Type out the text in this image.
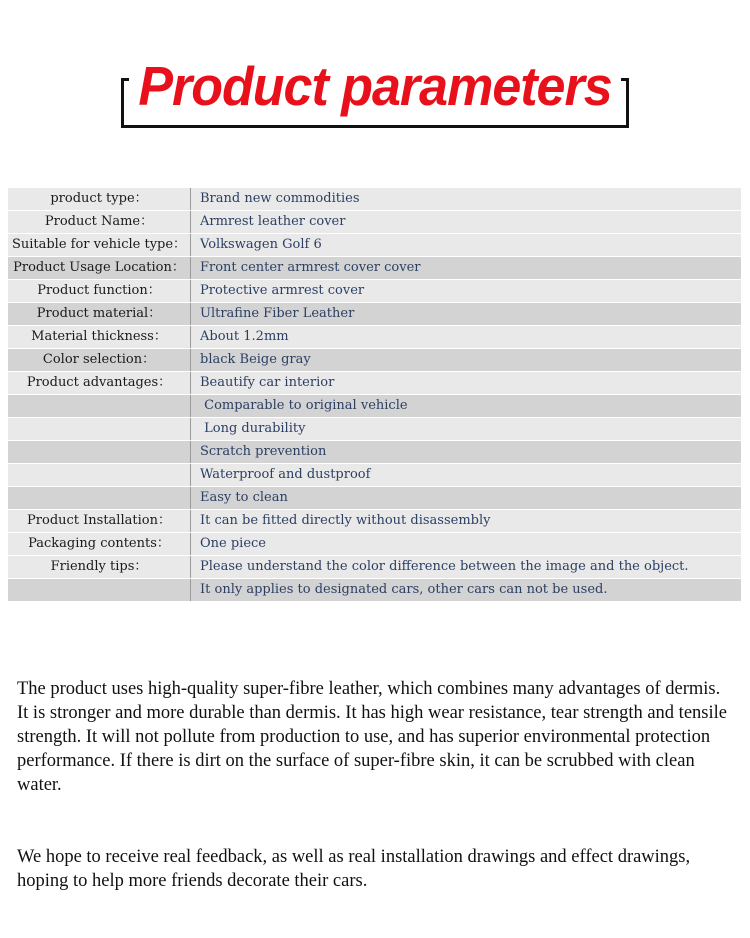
Product parameters
product type：	Brand new commodities
Product Name：	Armrest leather cover
Suitable for vehicle type：	Volkswagen Golf 6
Product Usage Location：	Front center armrest cover cover
Product function：	Protective armrest cover
Product material：	Ultrafine Fiber Leather
Material thickness：	About 1.2mm
Color selection：	black Beige gray
Product advantages：	Beautify car interior
	Comparable to original vehicle
	Long durability
	Scratch prevention
	Waterproof and dustproof
	Easy to clean
Product Installation：	It can be fitted directly without disassembly
Packaging contents：	One piece
Friendly tips：	Please understand the color difference between the image and the object.
	It only applies to designated cars, other cars can not be used.

The product uses high-quality super-fibre leather, which combines many advantages of dermis. It is stronger and more durable than dermis. It has high wear resistance, tear strength and tensile strength. It will not pollute from production to use, and has superior environmental protection performance. If there is dirt on the surface of super-fibre skin, it can be scrubbed with clean water.

We hope to receive real feedback, as well as real installation drawings and effect drawings, hoping to help more friends decorate their cars.
